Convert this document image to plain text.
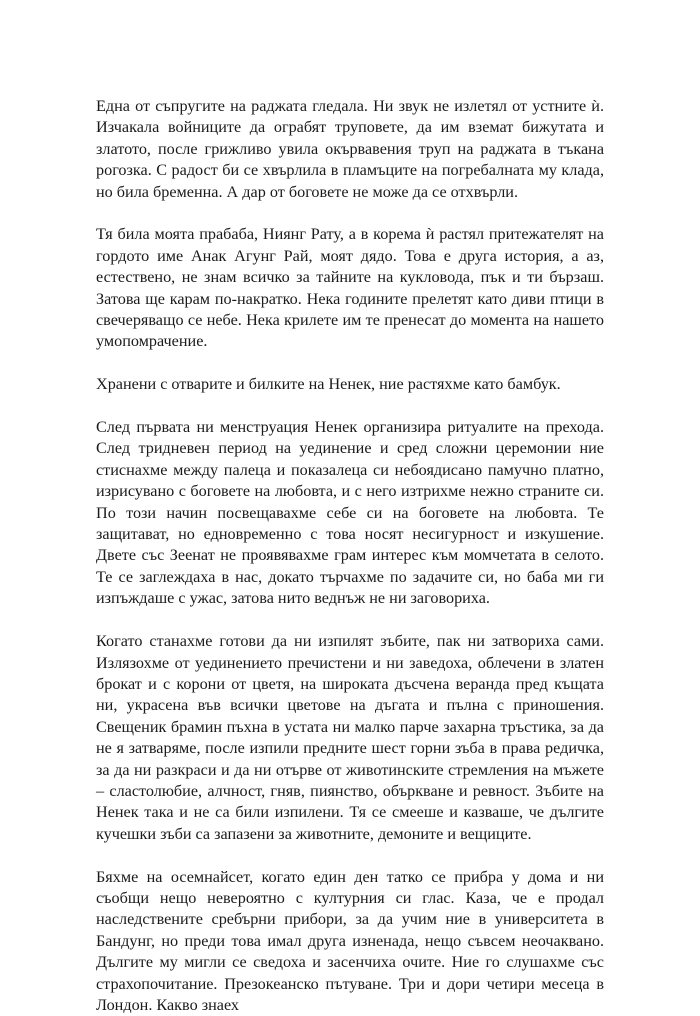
Една от съпругите на раджата гледала. Ни звук не излетял от устните ѝ. Изчакала войниците да ограбят труповете, да им вземат бижутата и златото, после грижливо увила окървавения труп на раджата в тъкана рогозка. С радост би се хвърлила в пламъците на погребалната му клада, но била бременна. А дар от боговете не може да се отхвърли.

Тя била моята прабаба, Ниянг Рату, а в корема ѝ растял притежателят на гордото име Анак Агунг Рай, моят дядо. Това е друга история, а аз, естествено, не знам всичко за тайните на кукловода, пък и ти бързаш. Затова ще карам по-накратко. Нека годините прелетят като диви птици в свечеряващо се небе. Нека крилете им те пренесат до момента на нашето умопомрачение.

Хранени с отварите и билките на Ненек, ние растяхме като бамбук.

След първата ни менструация Ненек организира ритуалите на прехода. След тридневен период на уединение и сред сложни церемонии ние стиснахме между палеца и показалеца си небоядисано памучно платно, изрисувано с боговете на любовта, и с него изтрихме нежно страните си. По този начин посвещавахме себе си на боговете на любовта. Те защитават, но едновременно с това носят несигурност и изкушение. Двете със Зеенат не проявявахме грам интерес към момчетата в селото. Те се заглеждаха в нас, докато търчахме по задачите си, но баба ми ги изпъждаше с ужас, затова нито веднъж не ни заговориха.

Когато станахме готови да ни изпилят зъбите, пак ни затвориха сами. Излязохме от уединението пречистени и ни заведоха, облечени в златен брокат и с корони от цветя, на широката дъсчена веранда пред къщата ни, украсена във всички цветове на дъгата и пълна с приношения. Свещеник брамин пъхна в устата ни малко парче захарна тръстика, за да не я затваряме, после изпили предните шест горни зъба в права редичка, за да ни разкраси и да ни отърве от животинските стремления на мъжете – сластолюбие, алчност, гняв, пиянство, объркване и ревност. Зъбите на Ненек така и не са били изпилени. Тя се смееше и казваше, че дългите кучешки зъби са запазени за животните, демоните и вещиците.

Бяхме на осемнайсет, когато един ден татко се прибра у дома и ни съобщи нещо невероятно с културния си глас. Каза, че е продал наследствените сребърни прибори, за да учим ние в университета в Бандунг, но преди това имал друга изненада, нещо съвсем неочаквано. Дългите му мигли се сведоха и засенчиха очите. Ние го слушахме със страхопочитание. Презокеанско пътуване. Три и дори четири месеца в Лондон. Какво знаех
